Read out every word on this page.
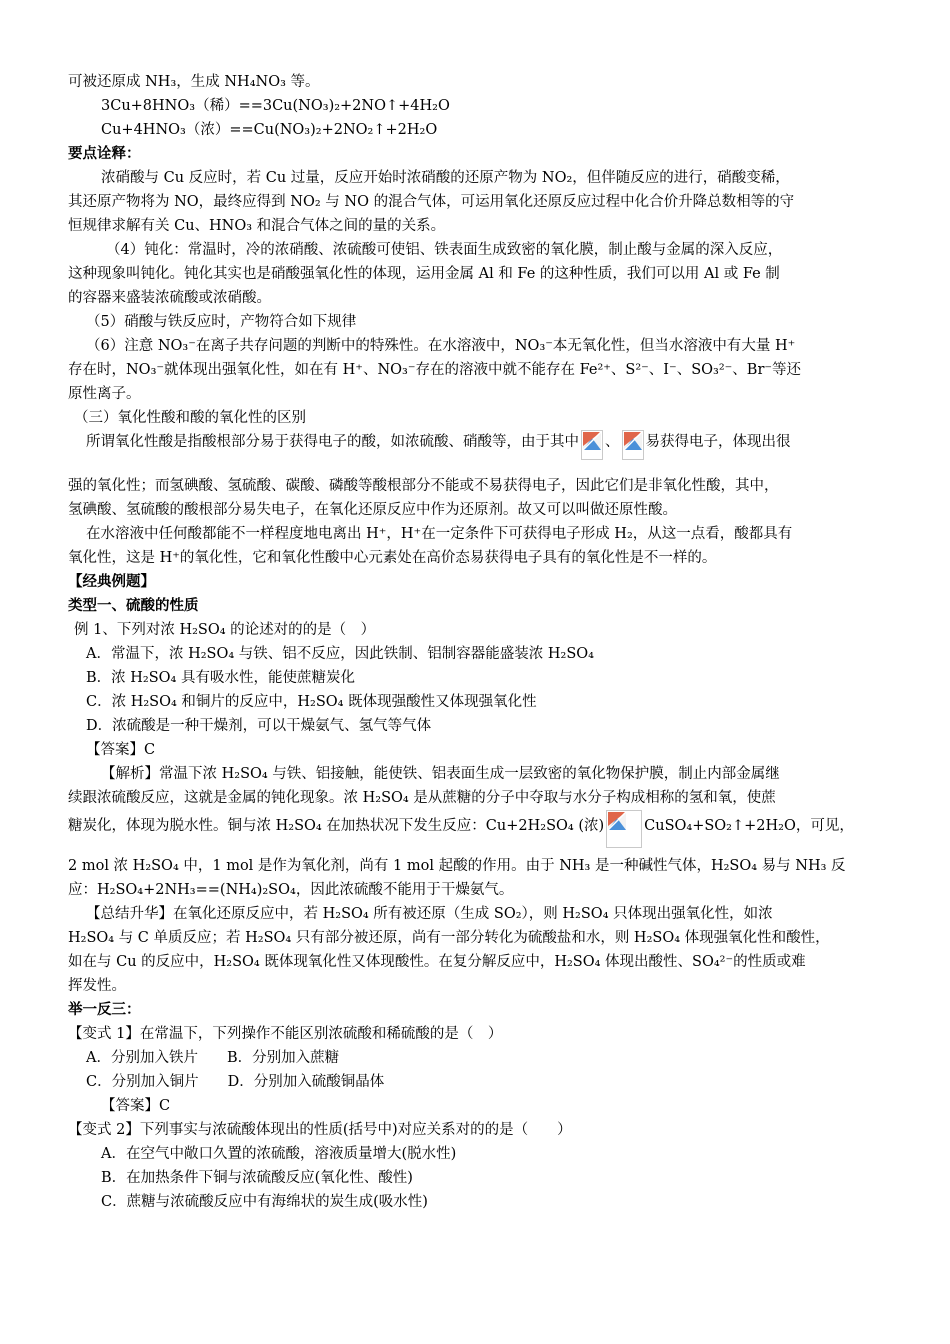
可被还原成 NH₃，生成 NH₄NO₃ 等。
3Cu+8HNO₃（稀）==3Cu(NO₃)₂+2NO↑+4H₂O
Cu+4HNO₃（浓）==Cu(NO₃)₂+2NO₂↑+2H₂O
要点诠释：
浓硝酸与 Cu 反应时，若 Cu 过量，反应开始时浓硝酸的还原产物为 NO₂，但伴随反应的进行，硝酸变稀，
其还原产物将为 NO，最终应得到 NO₂ 与 NO 的混合气体，可运用氧化还原反应过程中化合价升降总数相等的守
恒规律求解有关 Cu、HNO₃ 和混合气体之间的量的关系。
（4）钝化：常温时，冷的浓硝酸、浓硫酸可使铝、铁表面生成致密的氧化膜，制止酸与金属的深入反应，
这种现象叫钝化。钝化其实也是硝酸强氧化性的体现，运用金属 Al 和 Fe 的这种性质，我们可以用 Al 或 Fe 制
的容器来盛装浓硫酸或浓硝酸。
（5）硝酸与铁反应时，产物符合如下规律
（6）注意 NO₃⁻在离子共存问题的判断中的特殊性。在水溶液中，NO₃⁻本无氧化性，但当水溶液中有大量 H⁺
存在时，NO₃⁻就体现出强氧化性，如在有 H⁺、NO₃⁻存在的溶液中就不能存在 Fe²⁺、S²⁻、I⁻、SO₃²⁻、Br⁻等还
原性离子。
（三）氧化性酸和酸的氧化性的区别
所谓氧化性酸是指酸根部分易于获得电子的酸，如浓硫酸、硝酸等，由于其中 、 易获得电子，体现出很
强的氧化性；而氢碘酸、氢硫酸、碳酸、磷酸等酸根部分不能或不易获得电子，因此它们是非氧化性酸，其中，
氢碘酸、氢硫酸的酸根部分易失电子，在氧化还原反应中作为还原剂。故又可以叫做还原性酸。
在水溶液中任何酸都能不一样程度地电离出 H⁺，H⁺在一定条件下可获得电子形成 H₂，从这一点看，酸都具有
氧化性，这是 H⁺的氧化性，它和氧化性酸中心元素处在高价态易获得电子具有的氧化性是不一样的。
【经典例题】
类型一、硫酸的性质
例 1、下列对浓 H₂SO₄ 的论述对的的是（　）
A．常温下，浓 H₂SO₄ 与铁、铝不反应，因此铁制、铝制容器能盛装浓 H₂SO₄
B．浓 H₂SO₄ 具有吸水性，能使蔗糖炭化
C．浓 H₂SO₄ 和铜片的反应中，H₂SO₄ 既体现强酸性又体现强氧化性
D．浓硫酸是一种干燥剂，可以干燥氨气、氢气等气体
【答案】C
【解析】常温下浓 H₂SO₄ 与铁、铝接触，能使铁、铝表面生成一层致密的氧化物保护膜，制止内部金属继
续跟浓硫酸反应，这就是金属的钝化现象。浓 H₂SO₄ 是从蔗糖的分子中夺取与水分子构成相称的氢和氧，使蔗
糖炭化，体现为脱水性。铜与浓 H₂SO₄ 在加热状况下发生反应：Cu+2H₂SO₄ (浓)	CuSO₄+SO₂↑+2H₂O，可见，
2 mol 浓 H₂SO₄ 中，1 mol 是作为氧化剂，尚有 1 mol 起酸的作用。由于 NH₃ 是一种碱性气体，H₂SO₄ 易与 NH₃ 反
应：H₂SO₄+2NH₃==(NH₄)₂SO₄，因此浓硫酸不能用于干燥氨气。
【总结升华】在氧化还原反应中，若 H₂SO₄ 所有被还原（生成 SO₂），则 H₂SO₄ 只体现出强氧化性，如浓
H₂SO₄ 与 C 单质反应；若 H₂SO₄ 只有部分被还原，尚有一部分转化为硫酸盐和水，则 H₂SO₄ 体现强氧化性和酸性，
如在与 Cu 的反应中，H₂SO₄ 既体现氧化性又体现酸性。在复分解反应中，H₂SO₄ 体现出酸性、SO₄²⁻的性质或难
挥发性。
举一反三：
【变式 1】在常温下，下列操作不能区别浓硫酸和稀硫酸的是（　）
A．分别加入铁片　　B．分别加入蔗糖
C．分别加入铜片　　D．分别加入硫酸铜晶体
【答案】C
【变式 2】下列事实与浓硫酸体现出的性质(括号中)对应关系对的的是（　　）
A．在空气中敞口久置的浓硫酸，溶液质量增大(脱水性)
B．在加热条件下铜与浓硫酸反应(氧化性、酸性)
C．蔗糖与浓硫酸反应中有海绵状的炭生成(吸水性)
